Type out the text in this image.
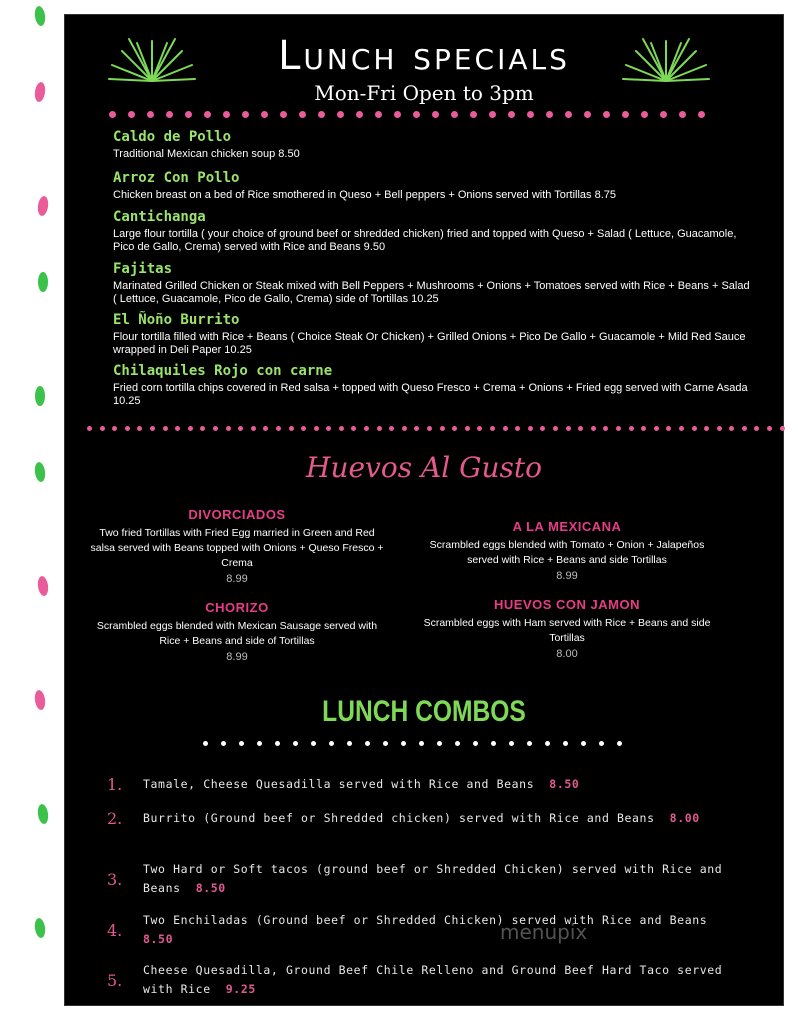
Lunch specials
Mon-Fri Open to 3pm
Caldo de Pollo
Traditional Mexican chicken soup 8.50
Arroz Con Pollo
Chicken breast on a bed of Rice smothered in Queso + Bell peppers + Onions served with Tortillas 8.75
Cantichanga
Large flour tortilla ( your choice of ground beef or shredded chicken) fried and topped with Queso + Salad ( Lettuce, Guacamole, Pico de Gallo, Crema) served with Rice and Beans 9.50
Fajitas
Marinated Grilled Chicken or Steak mixed with Bell Peppers + Mushrooms + Onions + Tomatoes served with Rice + Beans + Salad ( Lettuce, Guacamole, Pico de Gallo, Crema) side of Tortillas 10.25
El Ñoño Burrito
Flour tortilla filled with Rice + Beans ( Choice Steak Or Chicken) + Grilled Onions + Pico De Gallo + Guacamole + Mild Red Sauce wrapped in Deli Paper 10.25
Chilaquiles Rojo con carne
Fried corn tortilla chips covered in Red salsa + topped with Queso Fresco + Crema + Onions + Fried egg served with Carne Asada 10.25
Huevos Al Gusto
DIVORCIADOS
Two fried Tortillas with Fried Egg married in Green and Red salsa served with Beans topped with Onions + Queso Fresco + Crema
8.99
A LA MEXICANA
Scrambled eggs blended with Tomato + Onion + Jalapeños served with Rice + Beans and side Tortillas
8.99
CHORIZO
Scrambled eggs blended with Mexican Sausage served with Rice + Beans and side of Tortillas
8.99
HUEVOS CON JAMON
Scrambled eggs with Ham served with Rice + Beans and side Tortillas
8.00
LUNCH COMBOS
1.	Tamale, Cheese Quesadilla served with Rice and Beans 8.50
2.	Burrito (Ground beef or Shredded chicken) served with Rice and Beans 8.00
3.
Two Hard or Soft tacos (ground beef or Shredded Chicken) served with Rice and Beans 8.50
4.
Two Enchiladas (Ground beef or Shredded Chicken) served with Rice and Beans  8.50
5.
Cheese Quesadilla, Ground Beef Chile Relleno and Ground Beef Hard Taco served with Rice 9.25
menupix
